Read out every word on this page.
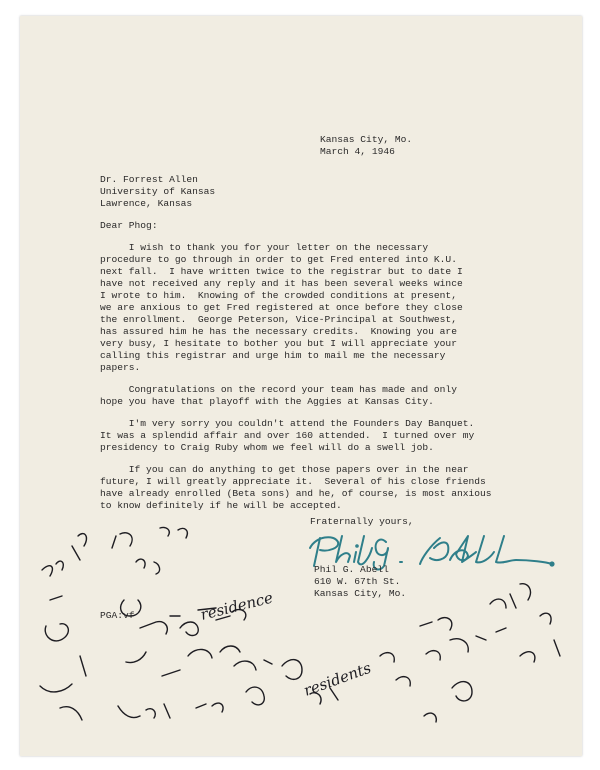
Kansas City, Mo.
March 4, 1946
Dr. Forrest Allen
University of Kansas
Lawrence, Kansas
Dear Phog:
I wish to thank you for your letter on the necessary
procedure to go through in order to get Fred entered into K.U.
next fall.  I have written twice to the registrar but to date I
have not received any reply and it has been several weeks wince
I wrote to him.  Knowing of the crowded conditions at present,
we are anxious to get Fred registered at once before they close
the enrollment.  George Peterson, Vice-Principal at Southwest,
has assured him he has the necessary credits.  Knowing you are
very busy, I hesitate to bother you but I will appreciate your
calling this registrar and urge him to mail me the necessary
papers.
Congratulations on the record your team has made and only
hope you have that playoff with the Aggies at Kansas City.
I'm very sorry you couldn't attend the Founders Day Banquet.
It was a splendid affair and over 160 attended.  I turned over my
presidency to Craig Ruby whom we feel will do a swell job.
If you can do anything to get those papers over in the near
future, I will greatly appreciate it.  Several of his close friends
have already enrolled (Beta sons) and he, of course, is most anxious
to know definitely if he will be accepted.
Fraternally yours,
Phil G. Abell
610 W. 67th St.
Kansas City, Mo.
PGA:vf	residence
residents
